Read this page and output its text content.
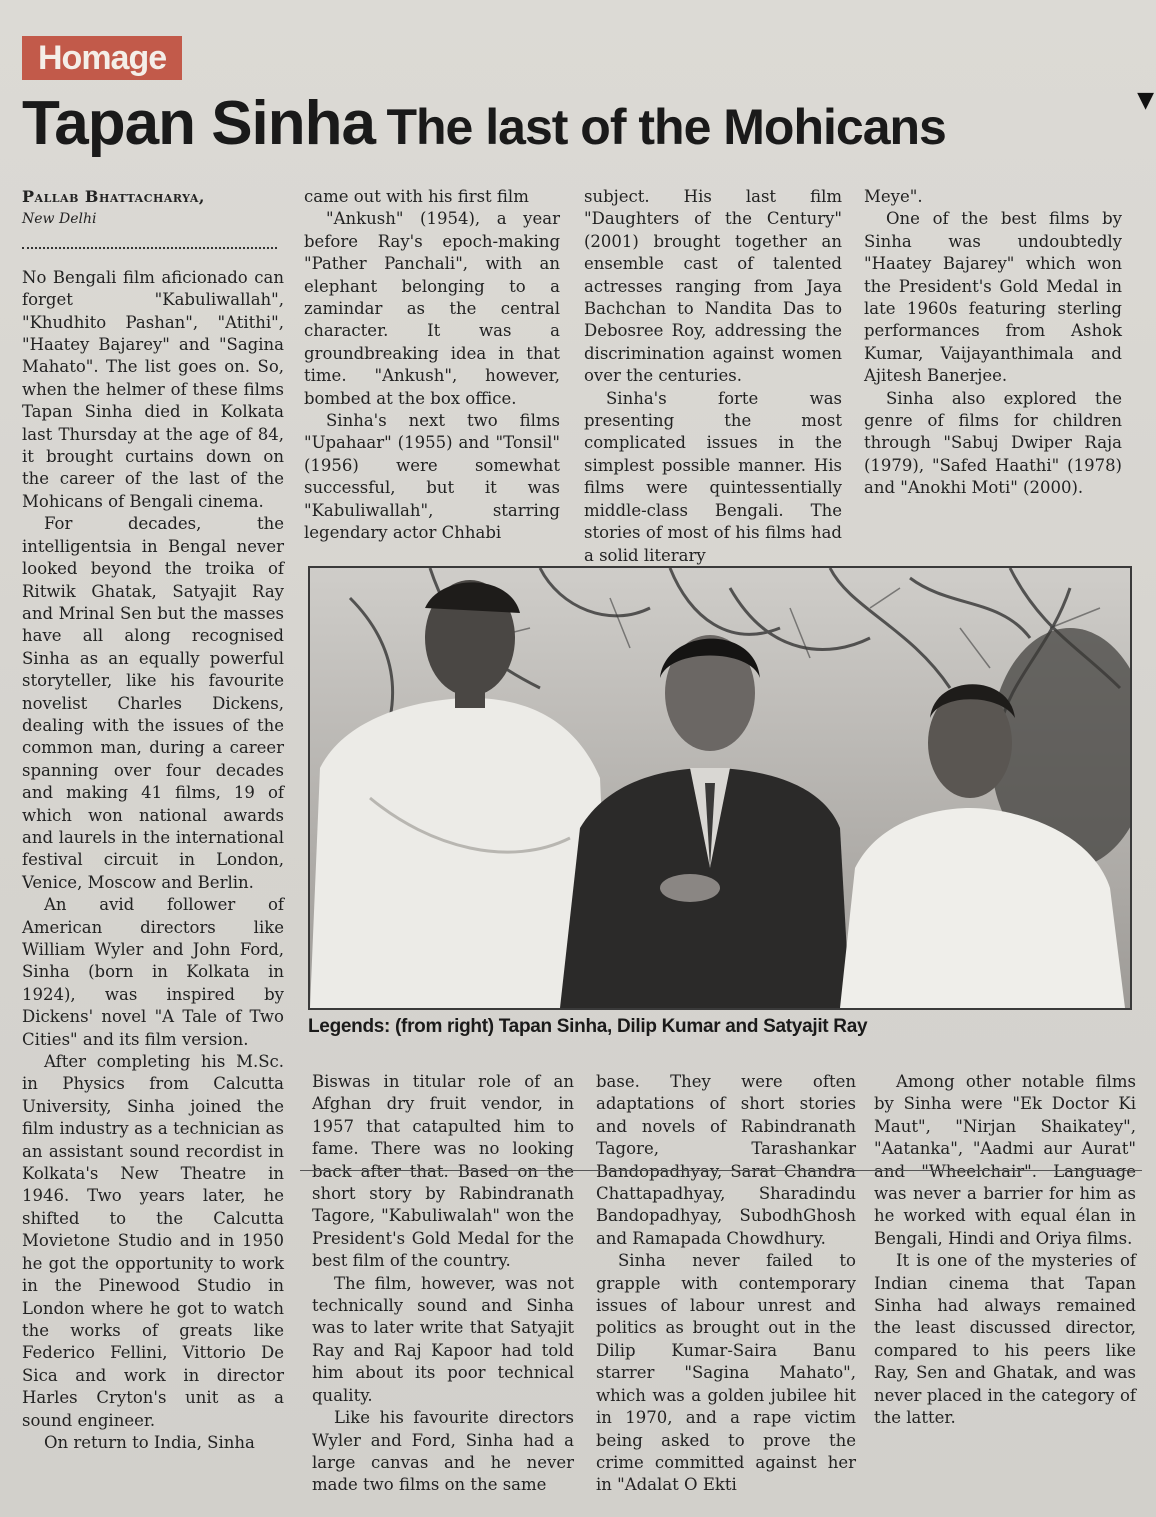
Homage
Tapan Sinha The last of the Mohicans	▼
Pallab Bhattacharya,
New Delhi

No Bengali film aficionado can forget "Kabuliwallah", "Khudhito Pashan", "Atithi", "Haatey Bajarey" and "Sagina Mahato". The list goes on. So, when the helmer of these films Tapan Sinha died in Kolkata last Thursday at the age of 84, it brought curtains down on the career of the last of the Mohicans of Bengali cinema.

For decades, the intelligentsia in Bengal never looked beyond the troika of Ritwik Ghatak, Satyajit Ray and Mrinal Sen but the masses have all along recognised Sinha as an equally powerful storyteller, like his favourite novelist Charles Dickens, dealing with the issues of the common man, during a career spanning over four decades and making 41 films, 19 of which won national awards and laurels in the international festival circuit in London, Venice, Moscow and Berlin.

An avid follower of American directors like William Wyler and John Ford, Sinha (born in Kolkata in 1924), was inspired by Dickens' novel "A Tale of Two Cities" and its film version.

After completing his M.Sc. in Physics from Calcutta University, Sinha joined the film industry as a technician as an assistant sound recordist in Kolkata's New Theatre in 1946. Two years later, he shifted to the Calcutta Movietone Studio and in 1950 he got the opportunity to work in the Pinewood Studio in London where he got to watch the works of greats like Federico Fellini, Vittorio De Sica and work in director Harles Cryton's unit as a sound engineer.

On return to India, Sinha

came out with his first film

"Ankush" (1954), a year before Ray's epoch-making "Pather Panchali", with an elephant belonging to a zamindar as the central character. It was a groundbreaking idea in that time. "Ankush", however, bombed at the box office.

Sinha's next two films "Upahaar" (1955) and "Tonsil" (1956) were somewhat successful, but it was "Kabuliwallah", starring legendary actor Chhabi

subject. His last film "Daughters of the Century" (2001) brought together an ensemble cast of talented actresses ranging from Jaya Bachchan to Nandita Das to Debosree Roy, addressing the discrimination against women over the centuries.

Sinha's forte was presenting the most complicated issues in the simplest possible manner. His films were quintessentially middle-class Bengali. The stories of most of his films had a solid literary

Meye".

One of the best films by Sinha was undoubtedly "Haatey Bajarey" which won the President's Gold Medal in late 1960s featuring sterling performances from Ashok Kumar, Vaijayanthimala and Ajitesh Banerjee.

Sinha also explored the genre of films for children through "Sabuj Dwiper Raja (1979), "Safed Haathi" (1978) and "Anokhi Moti" (2000).

Legends: (from right) Tapan Sinha, Dilip Kumar and Satyajit Ray

Biswas in titular role of an Afghan dry fruit vendor, in 1957 that catapulted him to fame. There was no looking back after that. Based on the short story by Rabindranath Tagore, "Kabuliwalah" won the President's Gold Medal for the best film of the country.

The film, however, was not technically sound and Sinha was to later write that Satyajit Ray and Raj Kapoor had told him about its poor technical quality.

Like his favourite directors Wyler and Ford, Sinha had a large canvas and he never made two films on the same

base. They were often adaptations of short stories and novels of Rabindranath Tagore, Tarashankar Bandopadhyay, Sarat Chandra Chattapadhyay, Sharadindu Bandopadhyay, SubodhGhosh and Ramapada Chowdhury.

Sinha never failed to grapple with contemporary issues of labour unrest and politics as brought out in the Dilip Kumar-Saira Banu starrer "Sagina Mahato", which was a golden jubilee hit in 1970, and a rape victim being asked to prove the crime committed against her in "Adalat O Ekti

Among other notable films by Sinha were "Ek Doctor Ki Maut", "Nirjan Shaikatey", "Aatanka", "Aadmi aur Aurat" and "Wheelchair". Language was never a barrier for him as he worked with equal élan in Bengali, Hindi and Oriya films.

It is one of the mysteries of Indian cinema that Tapan Sinha had always remained the least discussed director, compared to his peers like Ray, Sen and Ghatak, and was never placed in the category of the latter.
